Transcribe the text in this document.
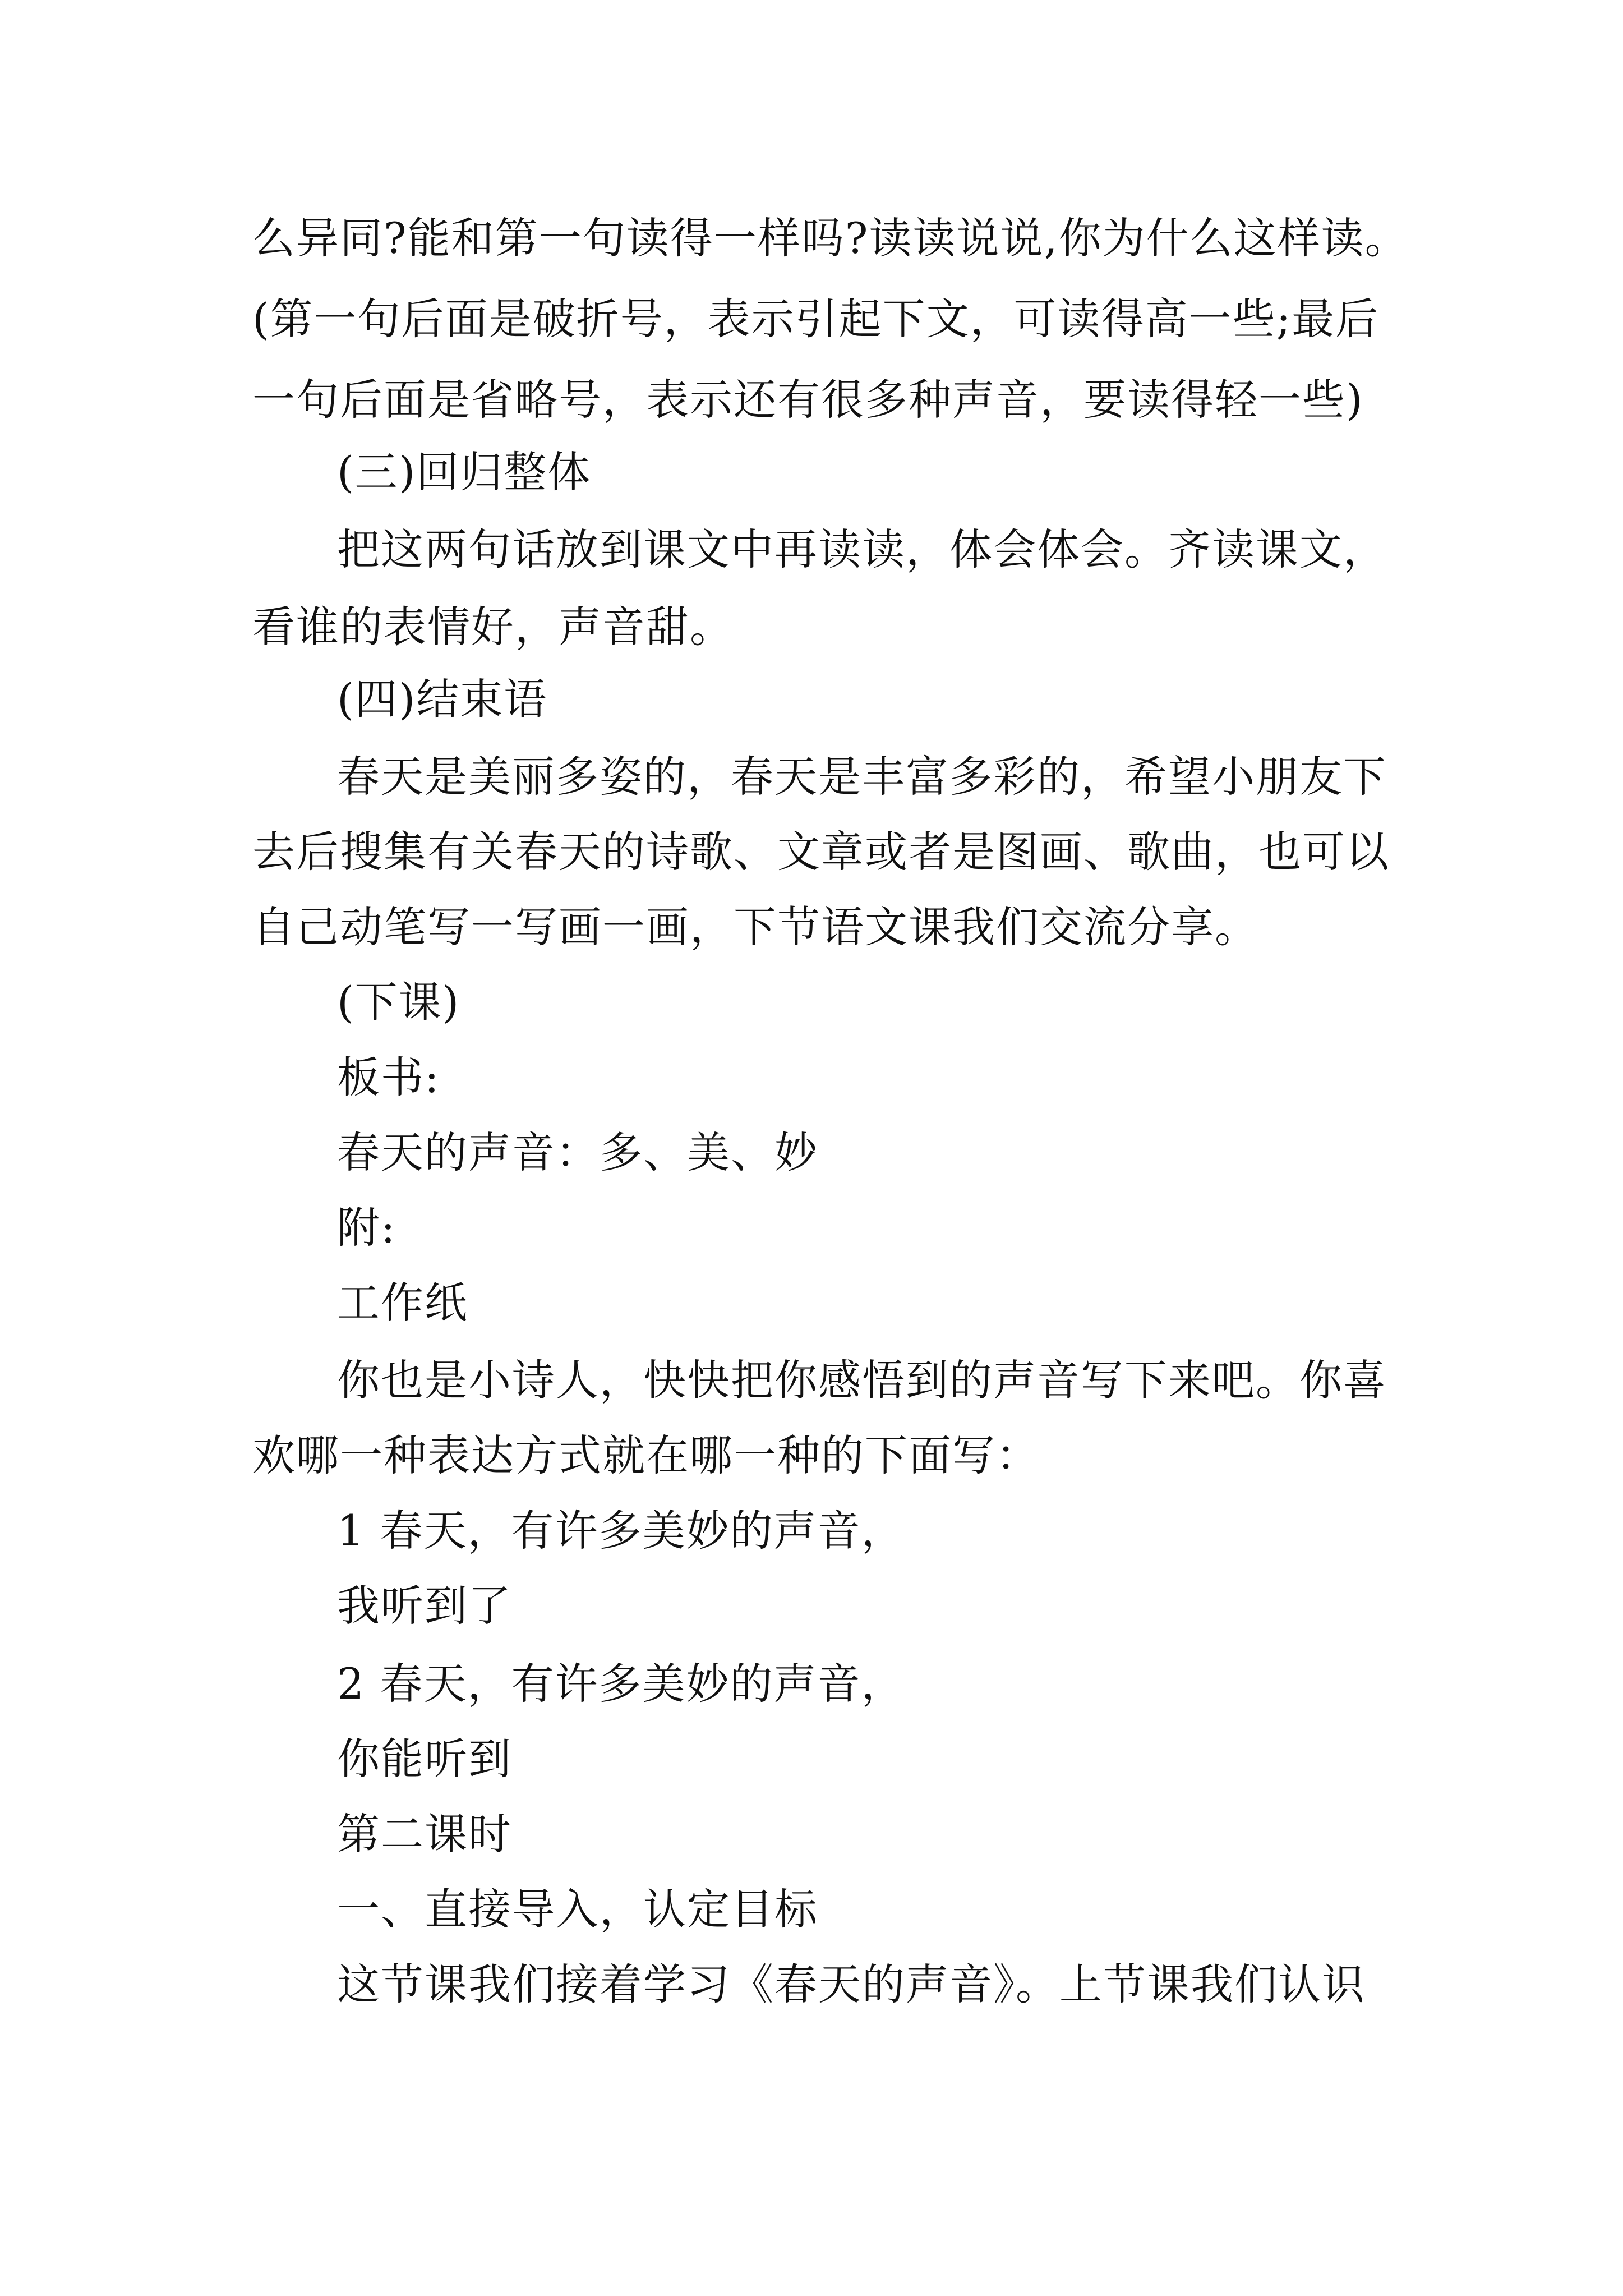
么异同?能和第一句读得一样吗?读读说说,你为什么这样读。
(第一句后面是破折号，表示引起下文，可读得高一些;最后
一句后面是省略号，表示还有很多种声音，要读得轻一些)
(三)回归整体
把这两句话放到课文中再读读，体会体会。齐读课文，
看谁的表情好，声音甜。
(四)结束语
春天是美丽多姿的，春天是丰富多彩的，希望小朋友下
去后搜集有关春天的诗歌、文章或者是图画、歌曲，也可以
自己动笔写一写画一画，下节语文课我们交流分享。
(下课)
板书:
春天的声音：多、美、妙
附:
工作纸
你也是小诗人，快快把你感悟到的声音写下来吧。你喜
欢哪一种表达方式就在哪一种的下面写：
1 春天，有许多美妙的声音，
我听到了
2 春天，有许多美妙的声音，
你能听到
第二课时
一、直接导入，认定目标
这节课我们接着学习《春天的声音》。上节课我们认识
